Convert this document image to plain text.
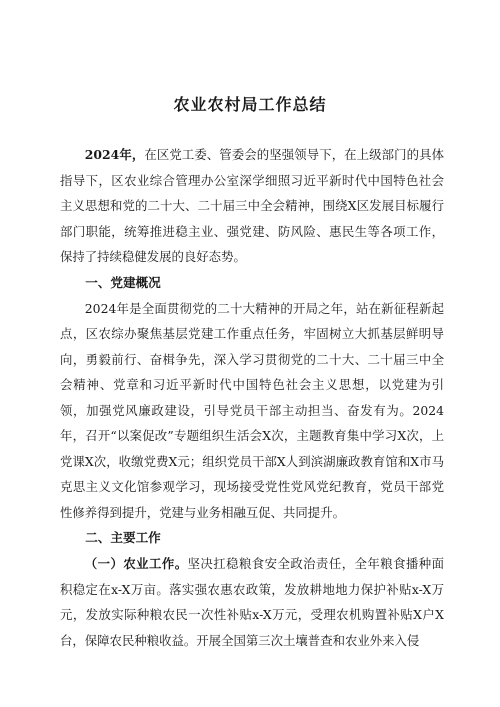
农业农村局工作总结

2024年，在区党工委、管委会的坚强领导下，在上级部门的具体指导下，区农业综合管理办公室深学细照习近平新时代中国特色社会主义思想和党的二十大、二十届三中全会精神，围绕X区发展目标履行部门职能，统筹推进稳主业、强党建、防风险、惠民生等各项工作，保持了持续稳健发展的良好态势。

一、党建概况

2024年是全面贯彻党的二十大精神的开局之年，站在新征程新起点，区农综办聚焦基层党建工作重点任务，牢固树立大抓基层鲜明导向，勇毅前行、奋楫争先，深入学习贯彻党的二十大、二十届三中全会精神、党章和习近平新时代中国特色社会主义思想，以党建为引领，加强党风廉政建设，引导党员干部主动担当、奋发有为。2024年，召开“以案促改”专题组织生活会X次，主题教育集中学习X次，上党课X次，收缴党费X元；组织党员干部X人到滨湖廉政教育馆和X市马克思主义文化馆参观学习，现场接受党性党风党纪教育，党员干部党性修养得到提升，党建与业务相融互促、共同提升。

二、主要工作

（一）农业工作。坚决扛稳粮食安全政治责任，全年粮食播种面积稳定在x-X万亩。落实强农惠农政策，发放耕地地力保护补贴x-X万元，发放实际种粮农民一次性补贴x-X万元，受理农机购置补贴X户X台，保障农民种粮收益。开展全国第三次土壤普查和农业外来入侵
